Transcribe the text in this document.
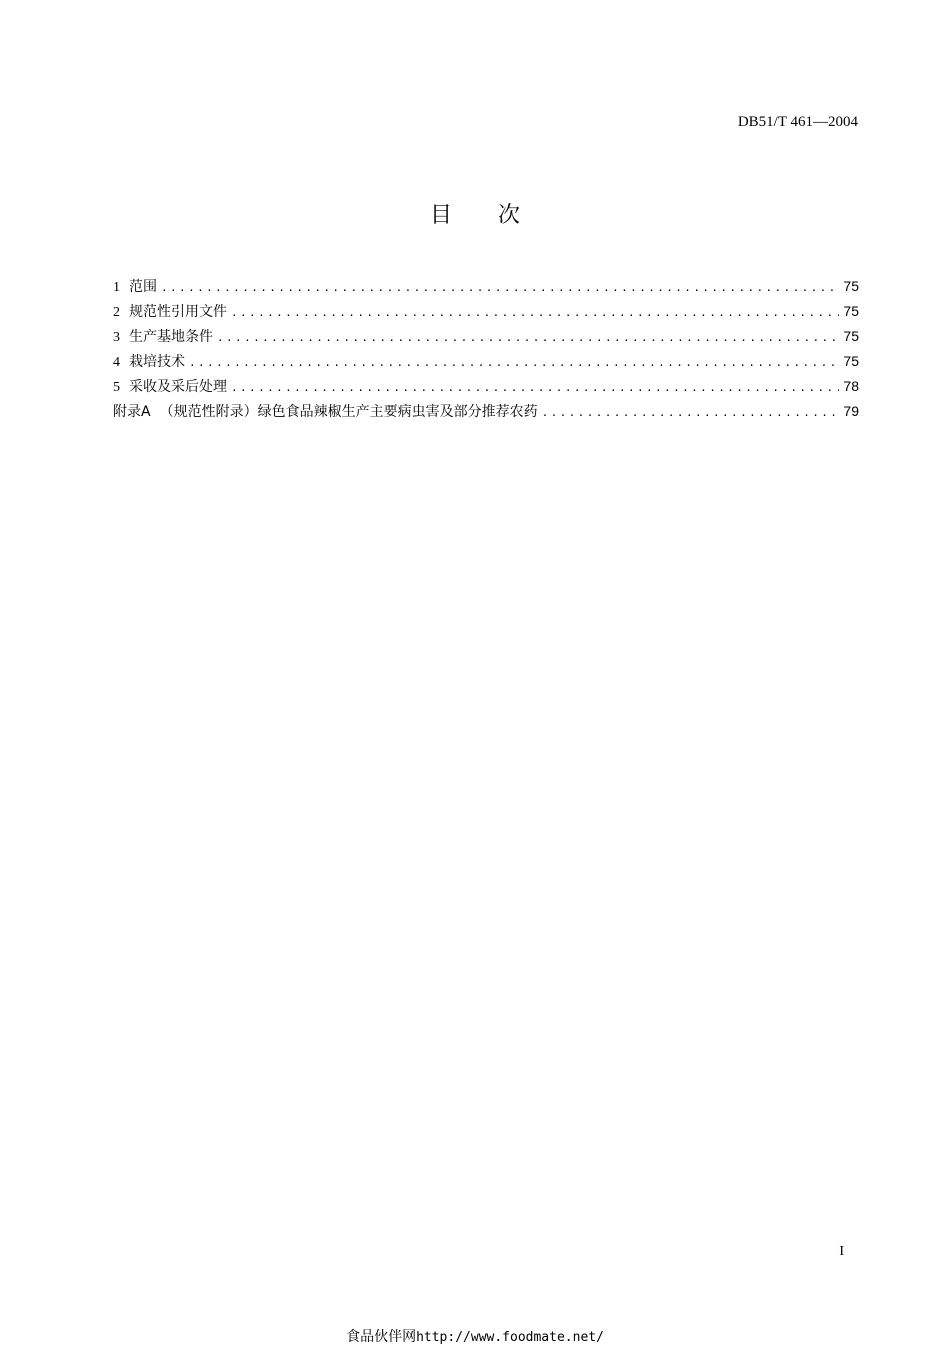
DB51/T 461—2004
目次
1 范围 .....	75
2 规范性引用文件 .....	75
3 生产基地条件 .....	75
4 栽培技术 .....	75
5 采收及采后处理 .....	78
附录A （规范性附录）绿色食品辣椒生产主要病虫害及部分推荐农药 .....	79
I
食品伙伴网http://www.foodmate.net/
